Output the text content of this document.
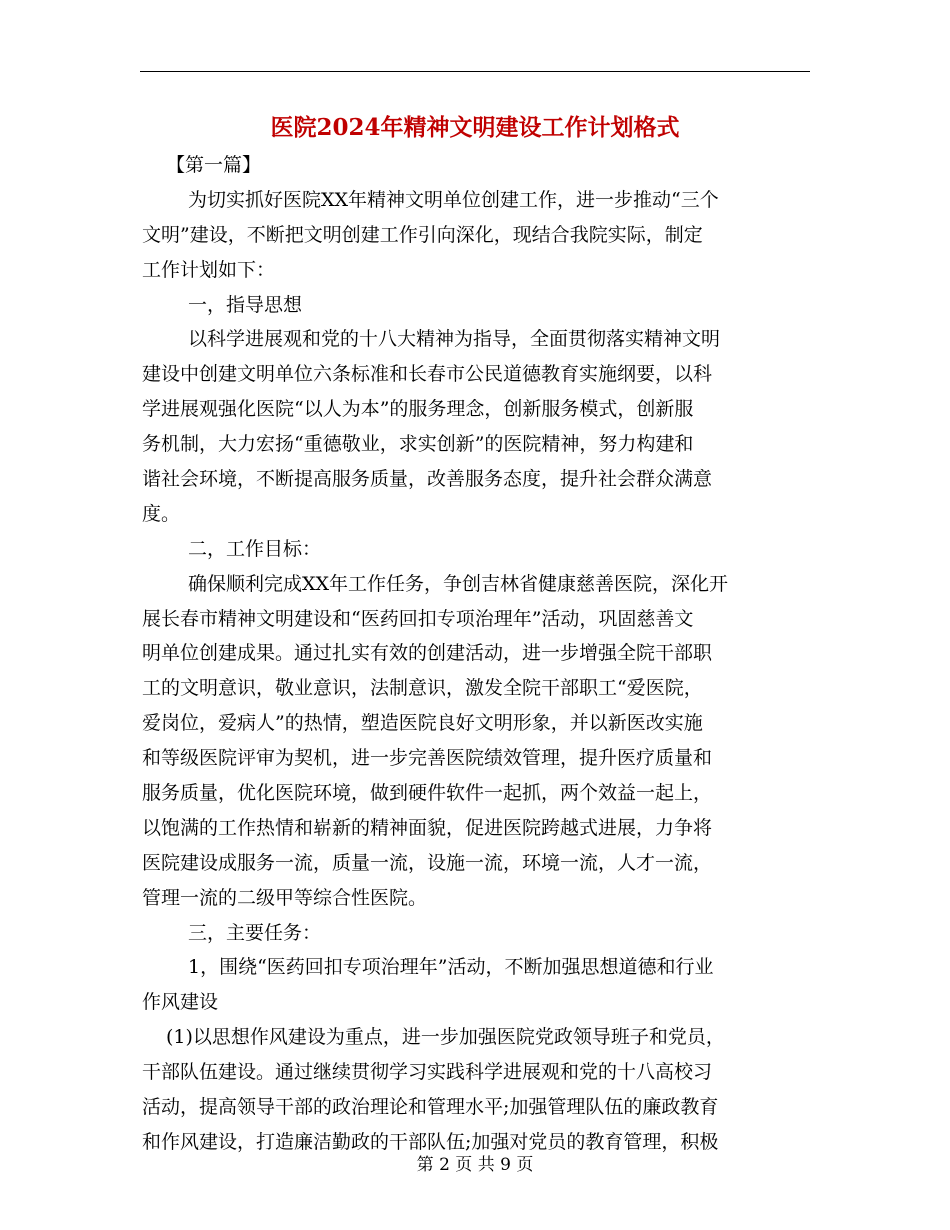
医院2024年精神文明建设工作计划格式
【第一篇】
为切实抓好医院XX年精神文明单位创建工作，进一步推动“三个
文明”建设，不断把文明创建工作引向深化，现结合我院实际，制定
工作计划如下：
一，指导思想
以科学进展观和党的十八大精神为指导，全面贯彻落实精神文明
建设中创建文明单位六条标准和长春市公民道德教育实施纲要，以科
学进展观强化医院“以人为本”的服务理念，创新服务模式，创新服
务机制，大力宏扬“重德敬业，求实创新”的医院精神，努力构建和
谐社会环境，不断提高服务质量，改善服务态度，提升社会群众满意
度。
二，工作目标：
确保顺利完成XX年工作任务，争创吉林省健康慈善医院，深化开
展长春市精神文明建设和“医药回扣专项治理年”活动，巩固慈善文
明单位创建成果。通过扎实有效的创建活动，进一步增强全院干部职
工的文明意识，敬业意识，法制意识，激发全院干部职工“爱医院，
爱岗位，爱病人”的热情，塑造医院良好文明形象，并以新医改实施
和等级医院评审为契机，进一步完善医院绩效管理，提升医疗质量和
服务质量，优化医院环境，做到硬件软件一起抓，两个效益一起上，
以饱满的工作热情和崭新的精神面貌，促进医院跨越式进展，力争将
医院建设成服务一流，质量一流，设施一流，环境一流，人才一流，
管理一流的二级甲等综合性医院。
三，主要任务：
1，围绕“医药回扣专项治理年”活动，不断加强思想道德和行业
作风建设
(1)以思想作风建设为重点，进一步加强医院党政领导班子和党员，
干部队伍建设。通过继续贯彻学习实践科学进展观和党的十八高校习
活动，提高领导干部的政治理论和管理水平;加强管理队伍的廉政教育
和作风建设，打造廉洁勤政的干部队伍;加强对党员的教育管理，积极
第 2 页 共 9 页
